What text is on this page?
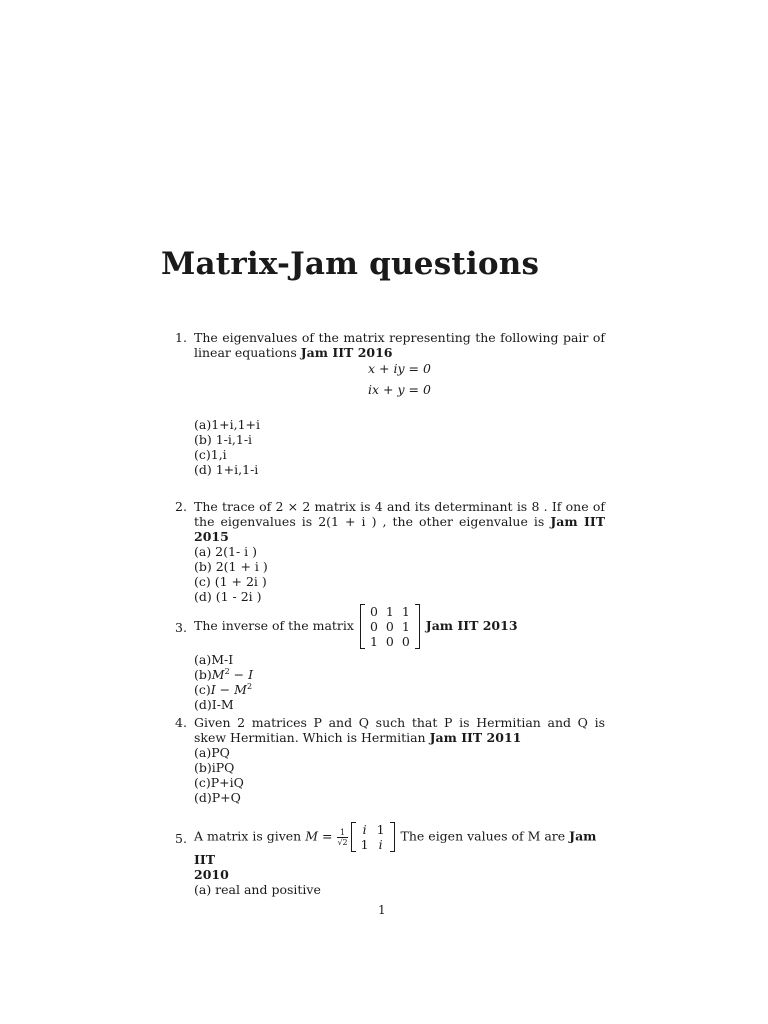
Matrix-Jam questions
1. The eigenvalues of the matrix representing the following pair of linear equations Jam IIT 2016
x + iy = 0
ix + y = 0
(a)1+i,1+i
(b) 1-i,1-i
(c)1,i
(d) 1+i,1-i
2. The trace of 2 × 2 matrix is 4 and its determinant is 8 . If one of the eigenvalues is 2(1 + i ) , the other eigenvalue is Jam IIT 2015
(a) 2(1- i )
(b) 2(1 + i )
(c) (1 + 2i )
(d) (1 - 2i )
3. The inverse of the matrix
0	1	1
0	0	1
1	0	0
Jam IIT 2013
(a)M-I
$(b)M^2 - I$
$(c)I - M^2$
(d)I-M
4. Given 2 matrices P and Q such that P is Hermitian and Q is skew Hermitian. Which is Hermitian Jam IIT 2011
(a)PQ
(b)iPQ
(c)P+iQ
(d)P+Q
5. A matrix is given $M = \frac{1}{√2}$ i	1
1	i
The eigen values of M are Jam IIT
2010
(a) real and positive
1
